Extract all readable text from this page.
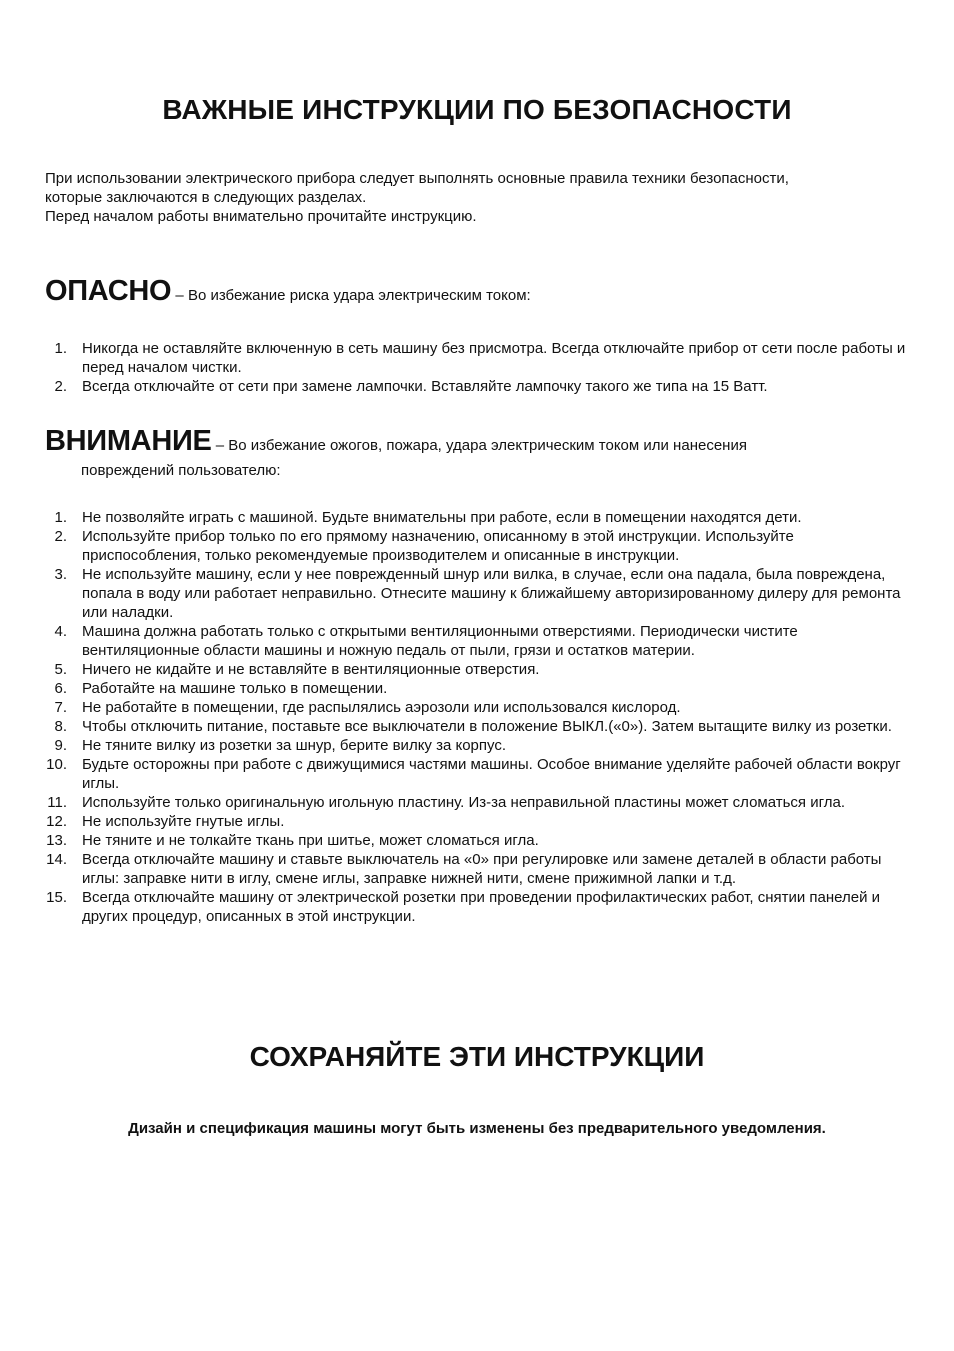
ВАЖНЫЕ ИНСТРУКЦИИ ПО БЕЗОПАСНОСТИ

При использовании электрического прибора следует выполнять основные правила техники безопасности,

которые заключаются в следующих разделах.

Перед началом работы внимательно прочитайте инструкцию.

ОПАСНО – Во избежание риска удара электрическим током:
1.	Никогда не оставляйте включенную в сеть машину без присмотра. Всегда отключайте прибор от сети после работы и перед началом чистки.
2.	Всегда отключайте от сети при замене лампочки. Вставляйте лампочку такого же типа на 15 Ватт.
ВНИМАНИЕ – Во избежание ожогов, пожара, удара электрическим током или нанесения
повреждений пользователю:
1.	Не позволяйте играть с машиной. Будьте внимательны при работе, если в помещении находятся дети.
2.	Используйте прибор только по его прямому назначению, описанному в этой инструкции. Используйте приспособления, только рекомендуемые производителем и описанные в инструкции.
3.	Не используйте машину, если у нее поврежденный шнур или вилка, в случае, если она падала, была повреждена, попала в воду или работает неправильно. Отнесите машину к ближайшему авторизированному дилеру для ремонта или наладки.
4.	Машина должна работать только с открытыми вентиляционными отверстиями. Периодически чистите вентиляционные области машины и ножную педаль от пыли, грязи и остатков материи.
5.	Ничего не кидайте и не вставляйте в вентиляционные отверстия.
6.	Работайте на машине только в помещении.
7.	Не работайте в помещении, где распылялись аэрозоли или использовался кислород.
8.	Чтобы отключить питание, поставьте все выключатели в положение ВЫКЛ.(«0»). Затем вытащите вилку из розетки.
9.	Не тяните вилку из розетки за шнур, берите вилку за корпус.
10.	Будьте осторожны при работе с движущимися частями машины. Особое внимание уделяйте рабочей области вокруг иглы.
11.	Используйте только оригинальную игольную пластину. Из-за неправильной пластины может сломаться игла.
12.	Не используйте гнутые иглы.
13.	Не тяните и не толкайте ткань при шитье, может сломаться игла.
14.	Всегда отключайте машину и ставьте выключатель на «0» при регулировке или замене деталей в области работы иглы: заправке нити в иглу, смене иглы, заправке нижней нити, смене прижимной лапки и т.д.
15.	Всегда отключайте машину от электрической розетки при проведении профилактических работ, снятии панелей и других процедур, описанных в этой инструкции.
СОХРАНЯЙТЕ ЭТИ ИНСТРУКЦИИ

Дизайн и спецификация машины могут быть изменены без предварительного уведомления.
